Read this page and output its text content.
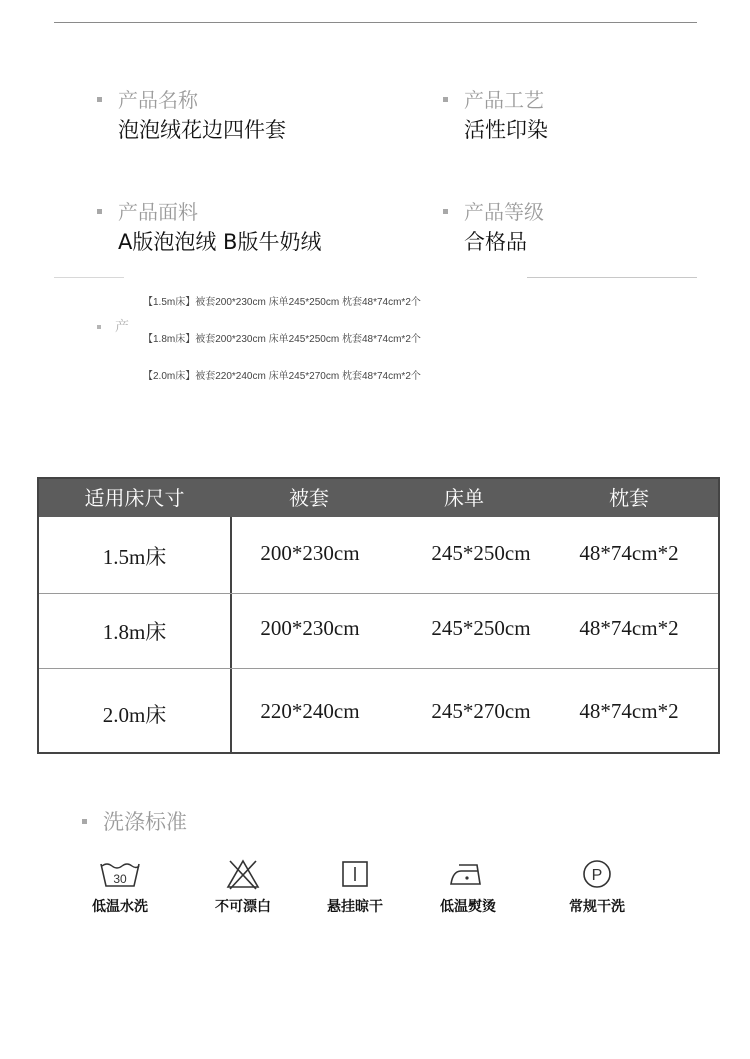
产品名称
泡泡绒花边四件套
产品工艺
活性印染
产品面料
A版泡泡绒 B版牛奶绒
产品等级
合格品
产
【1.5m床】被套200*230cm 床单245*250cm 枕套48*74cm*2个
【1.8m床】被套200*230cm 床单245*250cm 枕套48*74cm*2个
【2.0m床】被套220*240cm 床单245*270cm 枕套48*74cm*2个
适用床尺寸	被套	床单	枕套
1.5m床	200*230cm	245*250cm	48*74cm*2
1.8m床	200*230cm	245*250cm	48*74cm*2
2.0m床	220*240cm	245*270cm	48*74cm*2
洗涤标准
30
低温水洗	不可漂白	悬挂晾干	低温熨烫
P
常规干洗
